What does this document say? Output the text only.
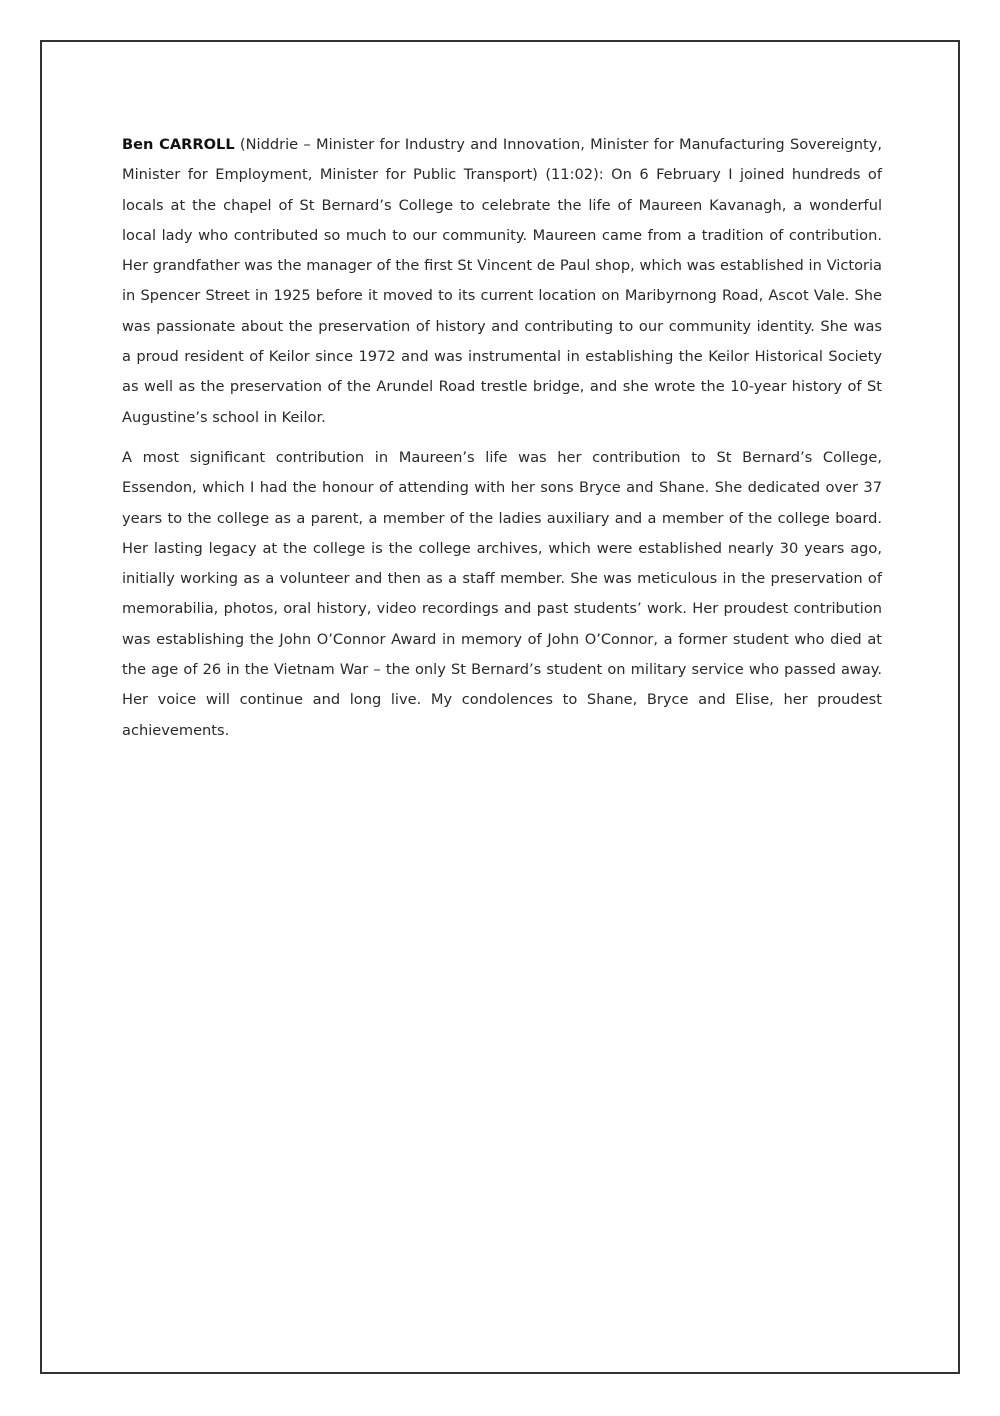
Ben CARROLL (Niddrie – Minister for Industry and Innovation, Minister for Manufacturing Sovereignty, Minister for Employment, Minister for Public Transport) (11:02): On 6 February I joined hundreds of locals at the chapel of St Bernard’s College to celebrate the life of Maureen Kavanagh, a wonderful local lady who contributed so much to our community. Maureen came from a tradition of contribution. Her grandfather was the manager of the first St Vincent de Paul shop, which was established in Victoria in Spencer Street in 1925 before it moved to its current location on Maribyrnong Road, Ascot Vale. She was passionate about the preservation of history and contributing to our community identity. She was a proud resident of Keilor since 1972 and was instrumental in establishing the Keilor Historical Society as well as the preservation of the Arundel Road trestle bridge, and she wrote the 10-year history of St Augustine’s school in Keilor.

A most significant contribution in Maureen’s life was her contribution to St Bernard’s College, Essendon, which I had the honour of attending with her sons Bryce and Shane. She dedicated over 37 years to the college as a parent, a member of the ladies auxiliary and a member of the college board. Her lasting legacy at the college is the college archives, which were established nearly 30 years ago, initially working as a volunteer and then as a staff member. She was meticulous in the preservation of memorabilia, photos, oral history, video recordings and past students’ work. Her proudest contribution was establishing the John O’Connor Award in memory of John O’Connor, a former student who died at the age of 26 in the Vietnam War – the only St Bernard’s student on military service who passed away. Her voice will continue and long live. My condolences to Shane, Bryce and Elise, her proudest achievements.
